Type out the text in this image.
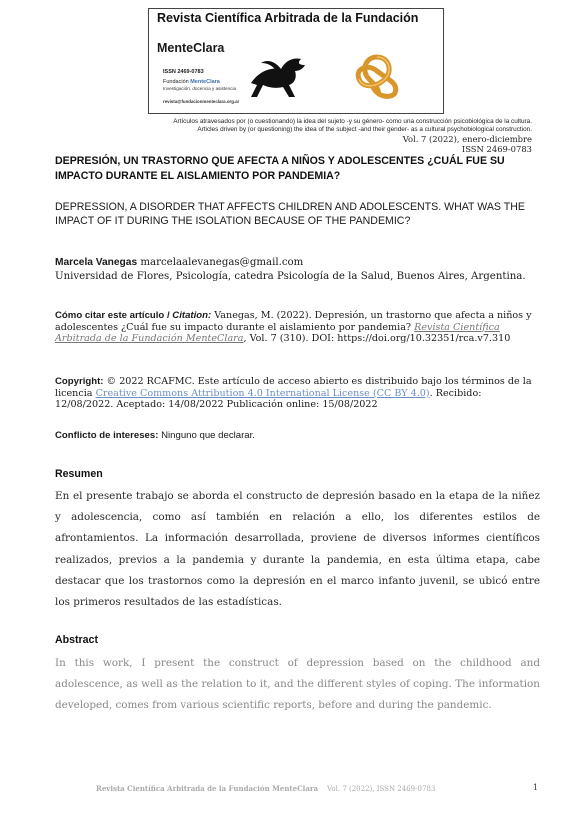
Revista Científica Arbitrada de la Fundación
MenteClara
ISSN 2469-0783
Fundación MenteClara
Investigación, docencia y asistencia
revista@fundacionmenteclara.org.ar
Artículos atravesados por (o cuestionando) la idea del sujeto -y su género- como una construcción psicobiológica de la cultura.
Articles driven by (or questioning) the idea of the subject -and their gender- as a cultural psychobiological construction.
Vol. 7 (2022), enero-diciembre
ISSN 2469-0783
DEPRESIÓN, UN TRASTORNO QUE AFECTA A NIÑOS Y ADOLESCENTES ¿CUÁL FUE SU IMPACTO DURANTE EL AISLAMIENTO POR PANDEMIA?
DEPRESSION, A DISORDER THAT AFFECTS CHILDREN AND ADOLESCENTS. WHAT WAS THE IMPACT OF IT DURING THE ISOLATION BECAUSE OF THE PANDEMIC?
Marcela Vanegas marcelaalevanegas@gmail.com
Universidad de Flores, Psicología, catedra Psicología de la Salud, Buenos Aires, Argentina.
Cómo citar este artículo / Citation: Vanegas, M. (2022). Depresión, un trastorno que afecta a niños y adolescentes ¿Cuál fue su impacto durante el aislamiento por pandemia? Revista Científica Arbitrada de la Fundación MenteClara, Vol. 7 (310). DOI: https://doi.org/10.32351/rca.v7.310
Copyright: © 2022 RCAFMC. Este artículo de acceso abierto es distribuido bajo los términos de la licencia Creative Commons Attribution 4.0 International License (CC BY 4.0). Recibido: 12/08/2022. Aceptado: 14/08/2022 Publicación online: 15/08/2022
Conflicto de intereses: Ninguno que declarar.
Resumen
En el presente trabajo se aborda el constructo de depresión basado en la etapa de la niñez y adolescencia, como así también en relación a ello, los diferentes estilos de afrontamientos. La información desarrollada, proviene de diversos informes científicos realizados, previos a la pandemia y durante la pandemia, en esta última etapa, cabe destacar que los trastornos como la depresión en el marco infanto juvenil, se ubicó entre los primeros resultados de las estadísticas.
Abstract
In this work, I present the construct of depression based on the childhood and adolescence, as well as the relation to it, and the different styles of coping. The information developed, comes from various scientific reports, before and during the pandemic.
Revista Científica Arbitrada de la Fundación MenteClara Vol. 7 (2022), ISSN 2469-0783	1
